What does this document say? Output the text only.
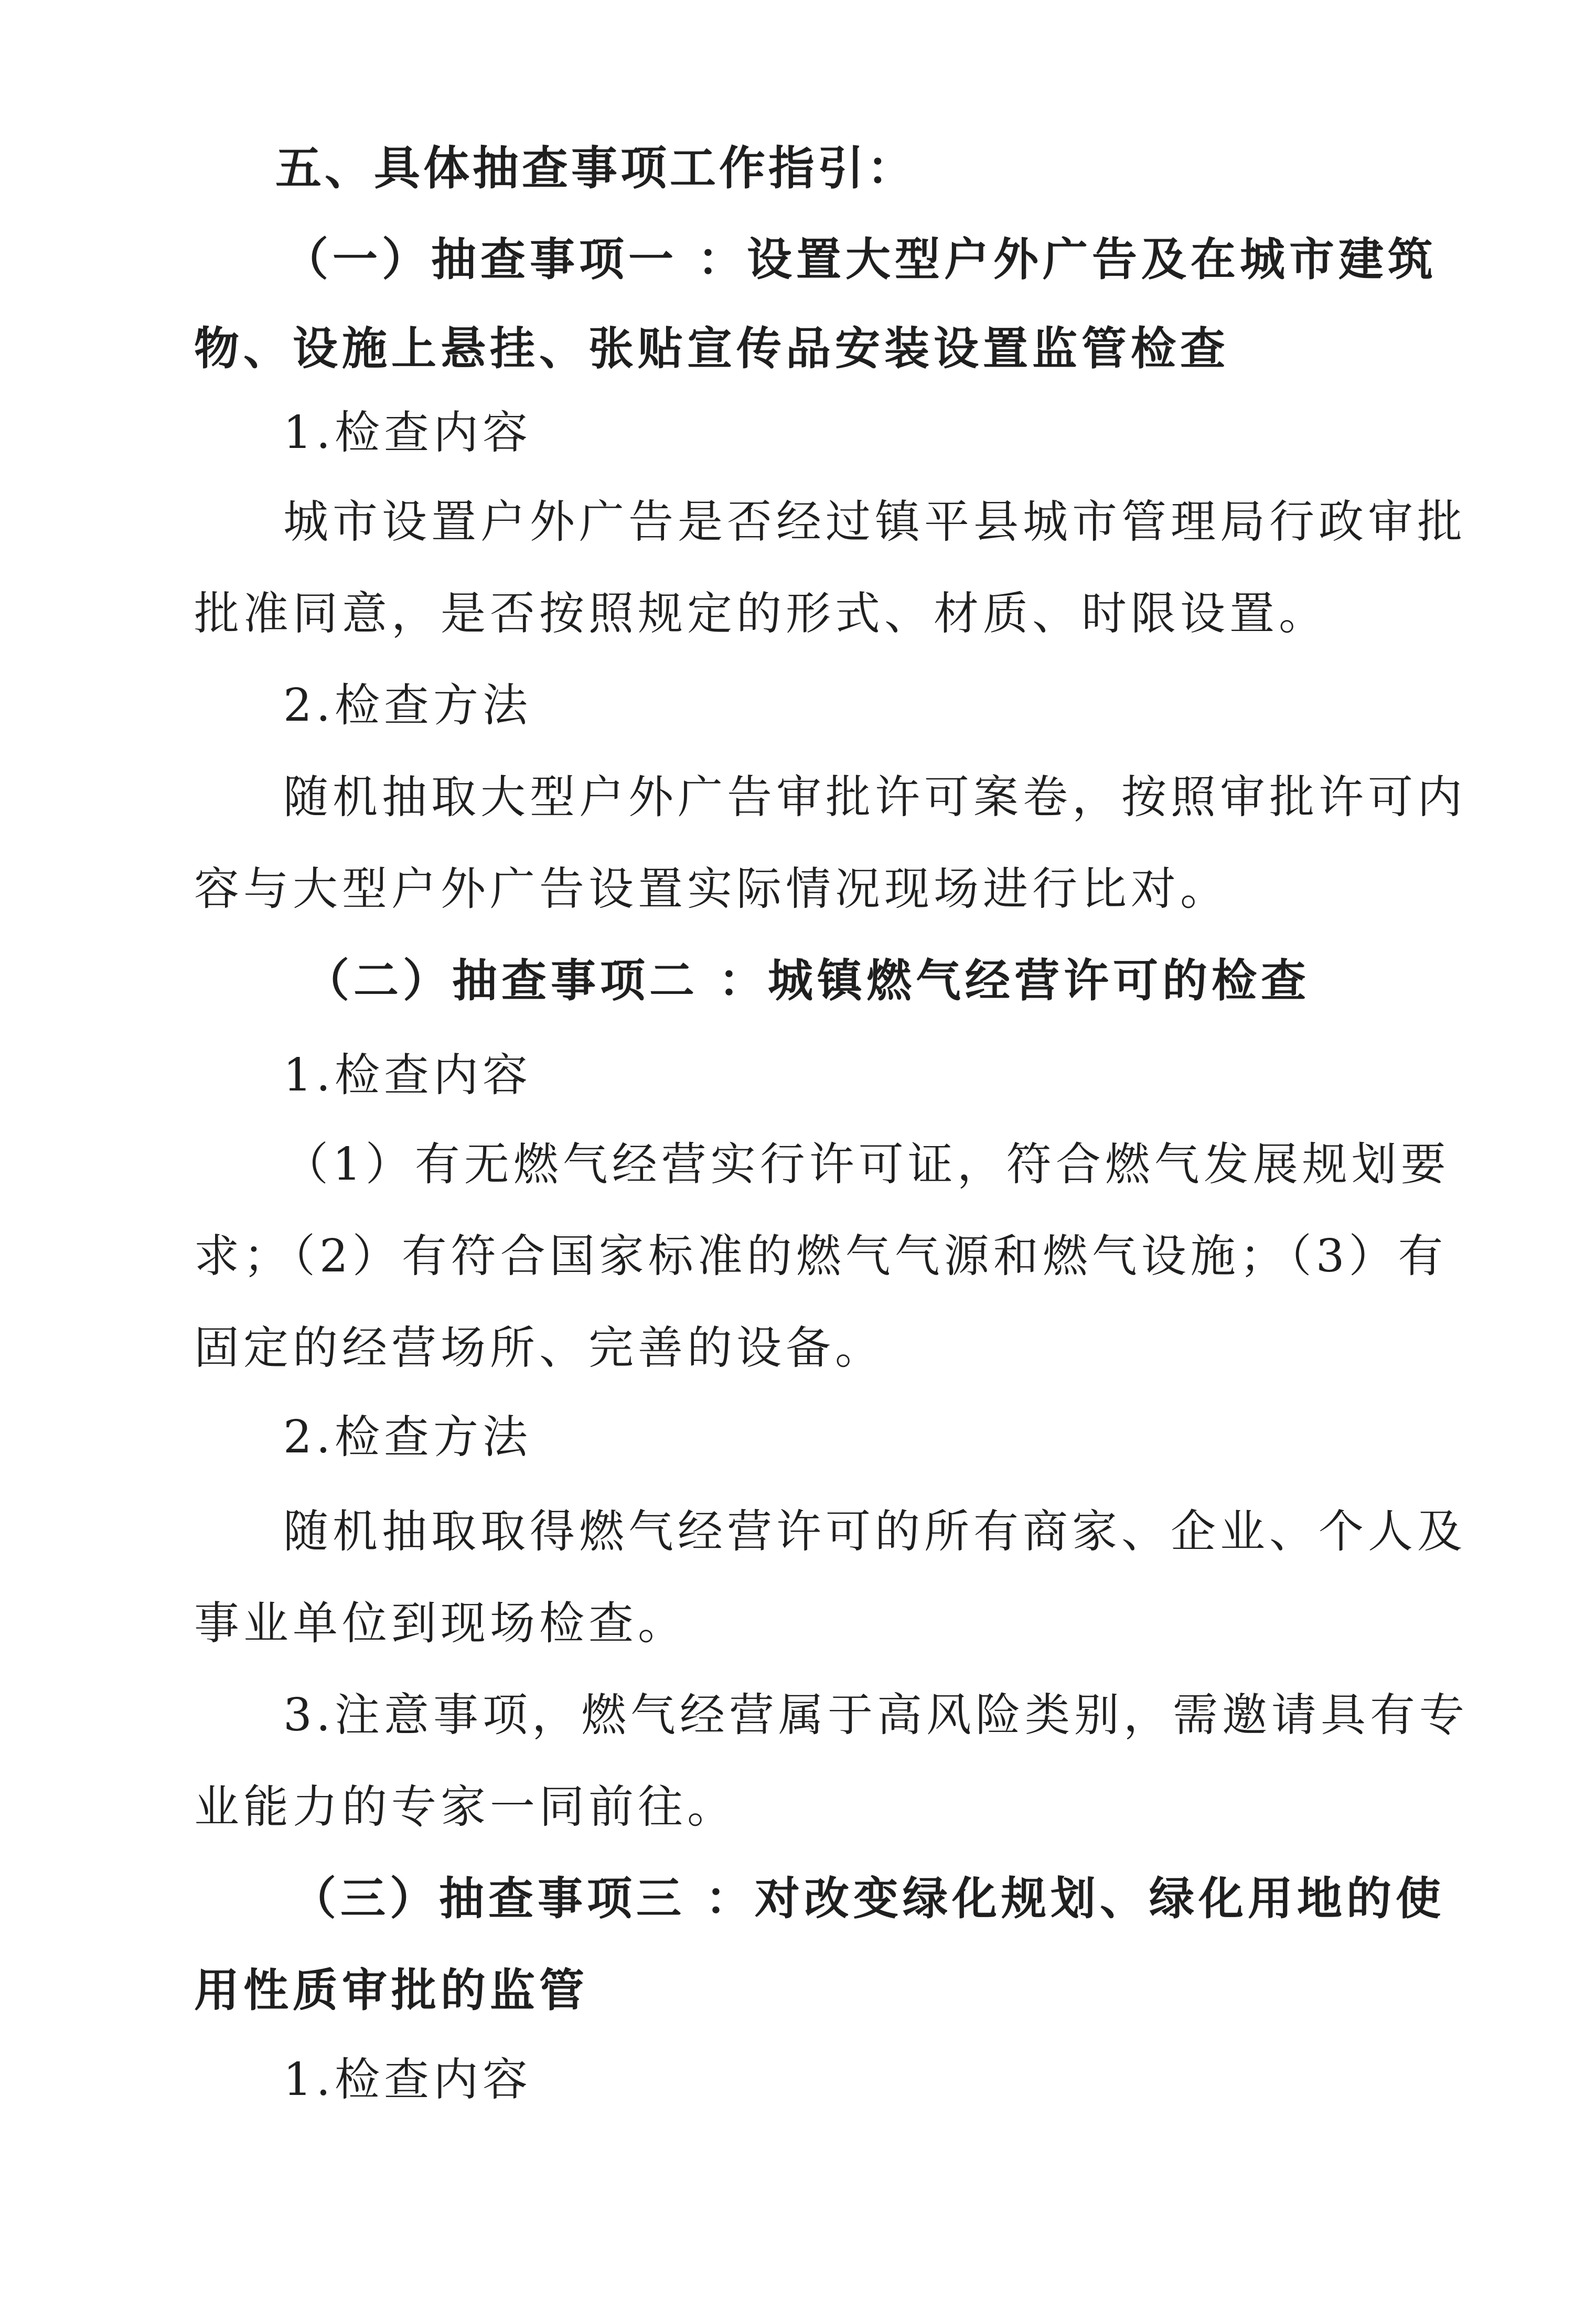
五、具体抽查事项工作指引：
（一）抽查事项一 ：设置大型户外广告及在城市建筑
物、设施上悬挂、张贴宣传品安装设置监管检查
1.检查内容
城市设置户外广告是否经过镇平县城市管理局行政审批
批准同意，是否按照规定的形式、材质、时限设置。
2.检查方法
随机抽取大型户外广告审批许可案卷，按照审批许可内
容与大型户外广告设置实际情况现场进行比对。
（二）抽查事项二 ：城镇燃气经营许可的检查
1.检查内容
（1）有无燃气经营实行许可证，符合燃气发展规划要
求；（2）有符合国家标准的燃气气源和燃气设施；（3）有
固定的经营场所、完善的设备。
2.检查方法
随机抽取取得燃气经营许可的所有商家、企业、个人及
事业单位到现场检查。
3.注意事项，燃气经营属于高风险类别，需邀请具有专
业能力的专家一同前往。
（三）抽查事项三 ：对改变绿化规划、绿化用地的使
用性质审批的监管
1.检查内容
